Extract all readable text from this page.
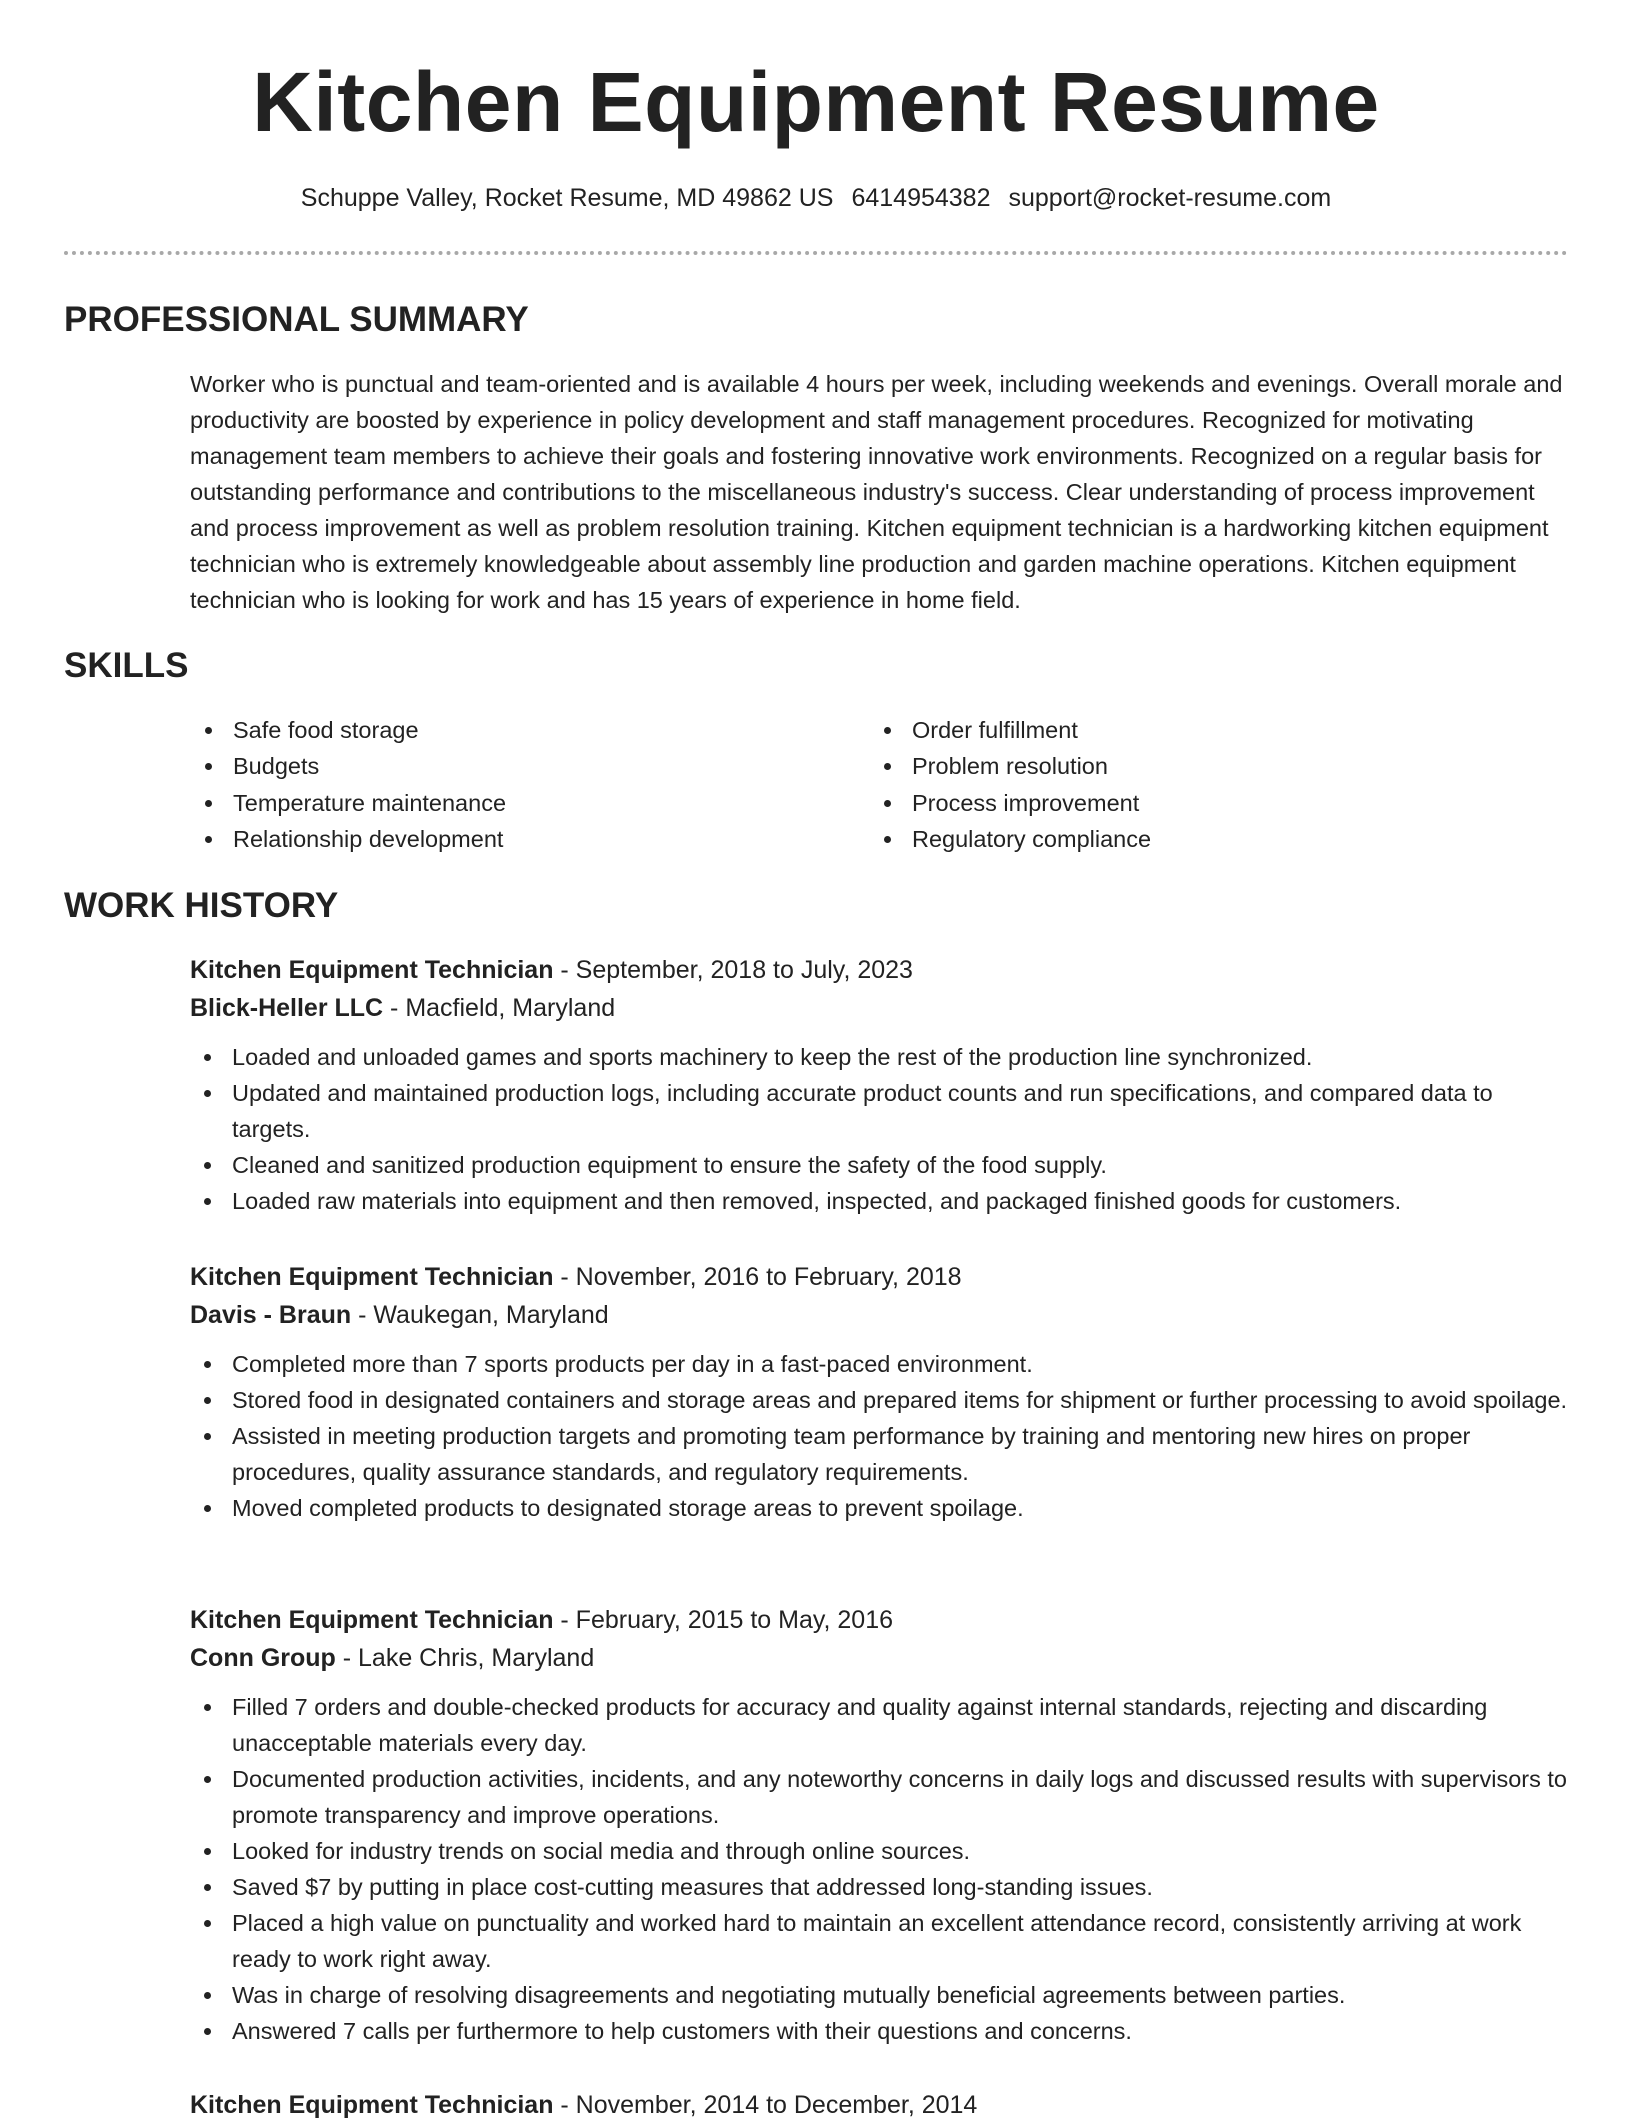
Kitchen Equipment Resume
Schuppe Valley, Rocket Resume, MD 49862 US 6414954382 support@rocket-resume.com
PROFESSIONAL SUMMARY
Worker who is punctual and team-oriented and is available 4 hours per week, including weekends and evenings. Overall morale and productivity are boosted by experience in policy development and staff management procedures. Recognized for motivating management team members to achieve their goals and fostering innovative work environments. Recognized on a regular basis for outstanding performance and contributions to the miscellaneous industry's success. Clear understanding of process improvement and process improvement as well as problem resolution training. Kitchen equipment technician is a hardworking kitchen equipment technician who is extremely knowledgeable about assembly line production and garden machine operations. Kitchen equipment technician who is looking for work and has 15 years of experience in home field.
SKILLS
Safe food storage
Budgets
Temperature maintenance
Relationship development
Order fulfillment
Problem resolution
Process improvement
Regulatory compliance
WORK HISTORY
Kitchen Equipment Technician - September, 2018 to July, 2023
Blick-Heller LLC - Macfield, Maryland
Loaded and unloaded games and sports machinery to keep the rest of the production line synchronized.
Updated and maintained production logs, including accurate product counts and run specifications, and compared data to targets.
Cleaned and sanitized production equipment to ensure the safety of the food supply.
Loaded raw materials into equipment and then removed, inspected, and packaged finished goods for customers.
Kitchen Equipment Technician - November, 2016 to February, 2018
Davis - Braun - Waukegan, Maryland
Completed more than 7 sports products per day in a fast-paced environment.
Stored food in designated containers and storage areas and prepared items for shipment or further processing to avoid spoilage.
Assisted in meeting production targets and promoting team performance by training and mentoring new hires on proper procedures, quality assurance standards, and regulatory requirements.
Moved completed products to designated storage areas to prevent spoilage.
Kitchen Equipment Technician - February, 2015 to May, 2016
Conn Group - Lake Chris, Maryland
Filled 7 orders and double-checked products for accuracy and quality against internal standards, rejecting and discarding unacceptable materials every day.
Documented production activities, incidents, and any noteworthy concerns in daily logs and discussed results with supervisors to promote transparency and improve operations.
Looked for industry trends on social media and through online sources.
Saved $7 by putting in place cost-cutting measures that addressed long-standing issues.
Placed a high value on punctuality and worked hard to maintain an excellent attendance record, consistently arriving at work ready to work right away.
Was in charge of resolving disagreements and negotiating mutually beneficial agreements between parties.
Answered 7 calls per furthermore to help customers with their questions and concerns.
Kitchen Equipment Technician - November, 2014 to December, 2014
